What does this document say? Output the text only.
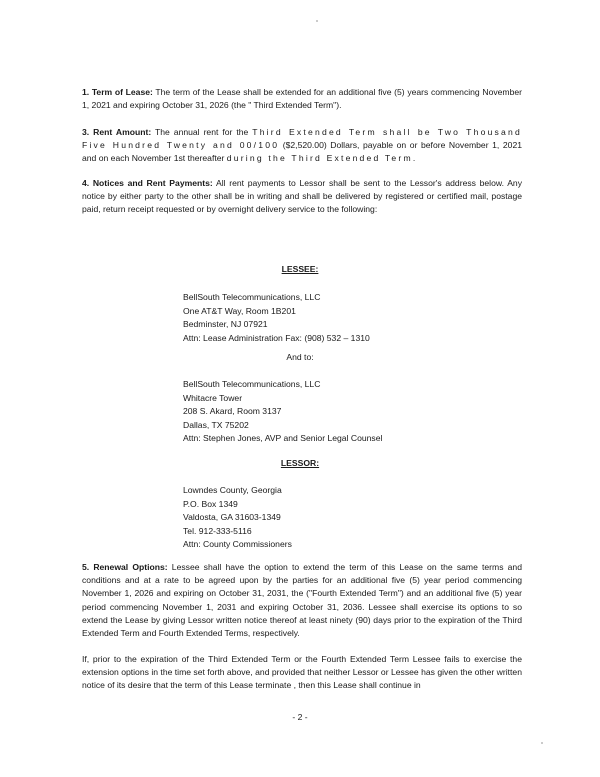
1. Term of Lease: The term of the Lease shall be extended for an additional five (5) years commencing November 1, 2021 and expiring October 31, 2026 (the " Third Extended Term").
3. Rent Amount: The annual rent for the Third Extended Term shall be Two Thousand Five Hundred Twenty and 00/100 ($2,520.00) Dollars, payable on or before November 1, 2021 and on each November 1st thereafter during the Third Extended Term.
4. Notices and Rent Payments: All rent payments to Lessor shall be sent to the Lessor's address below. Any notice by either party to the other shall be in writing and shall be delivered by registered or certified mail, postage paid, return receipt requested or by overnight delivery service to the following:
LESSEE:
BellSouth Telecommunications, LLC
One AT&T Way, Room 1B201
Bedminster, NJ 07921
Attn: Lease Administration Fax: (908) 532 – 1310
And to:
BellSouth Telecommunications, LLC
Whitacre Tower
208 S. Akard, Room 3137
Dallas, TX 75202
Attn: Stephen Jones, AVP and Senior Legal Counsel
LESSOR:
Lowndes County, Georgia
P.O. Box 1349
Valdosta, GA 31603-1349
Tel. 912-333-5116
Attn: County Commissioners
5. Renewal Options: Lessee shall have the option to extend the term of this Lease on the same terms and conditions and at a rate to be agreed upon by the parties for an additional five (5) year period commencing November 1, 2026 and expiring on October 31, 2031, the ("Fourth Extended Term") and an additional five (5) year period commencing November 1, 2031 and expiring October 31, 2036. Lessee shall exercise its options to so extend the Lease by giving Lessor written notice thereof at least ninety (90) days prior to the expiration of the Third Extended Term and Fourth Extended Terms, respectively.
If, prior to the expiration of the Third Extended Term or the Fourth Extended Term Lessee fails to exercise the extension options in the time set forth above, and provided that neither Lessor or Lessee has given the other written notice of its desire that the term of this Lease terminate , then this Lease shall continue in
- 2 -
